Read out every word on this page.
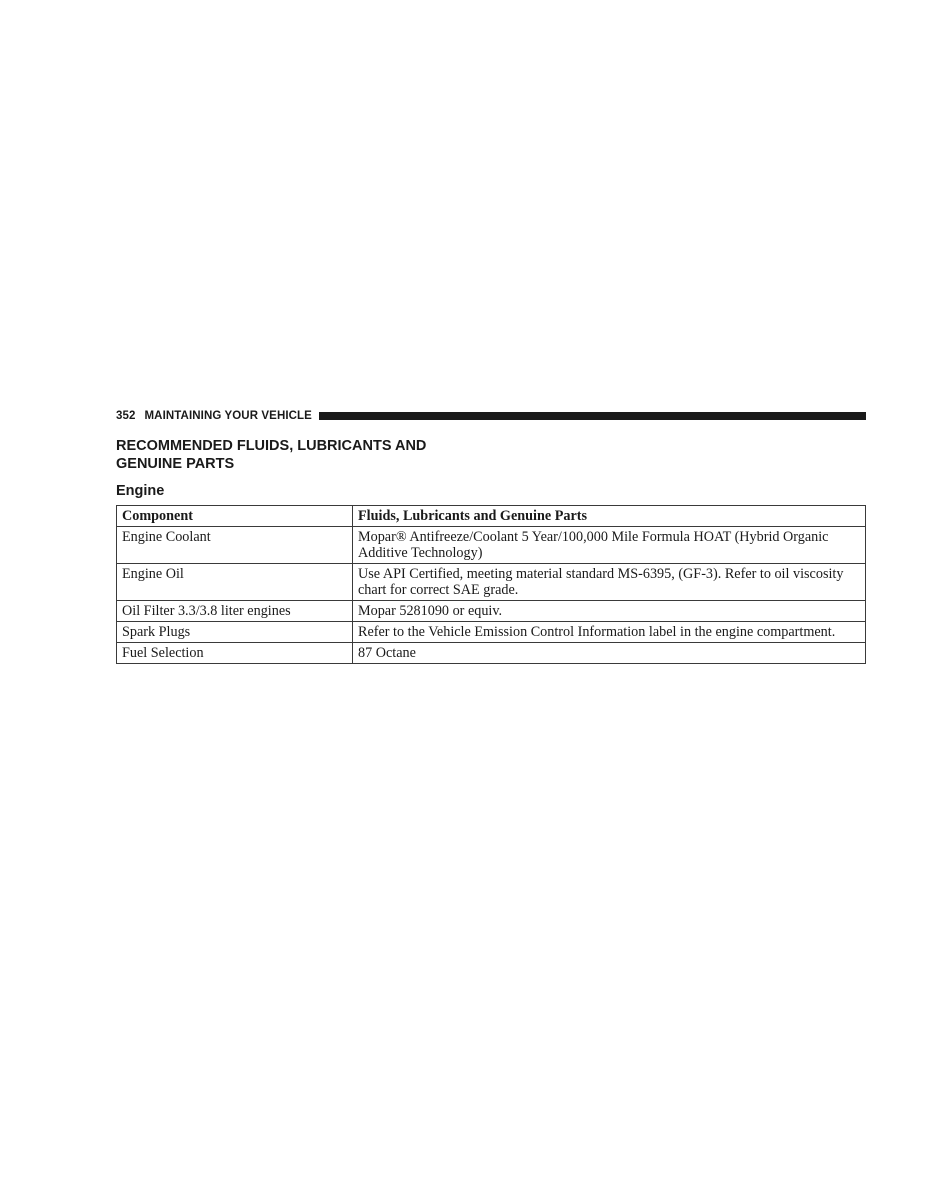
352 MAINTAINING YOUR VEHICLE
RECOMMENDED FLUIDS, LUBRICANTS AND
GENUINE PARTS
Engine
Component	Fluids, Lubricants and Genuine Parts
Engine Coolant	Mopar® Antifreeze/Coolant 5 Year/100,000 Mile Formula HOAT (Hybrid Organic Additive Technology)
Engine Oil	Use API Certified, meeting material standard MS-6395, (GF-3). Refer to oil viscosity chart for correct SAE grade.
Oil Filter 3.3/3.8 liter engines	Mopar 5281090 or equiv.
Spark Plugs	Refer to the Vehicle Emission Control Information label in the engine compartment.
Fuel Selection	87 Octane
